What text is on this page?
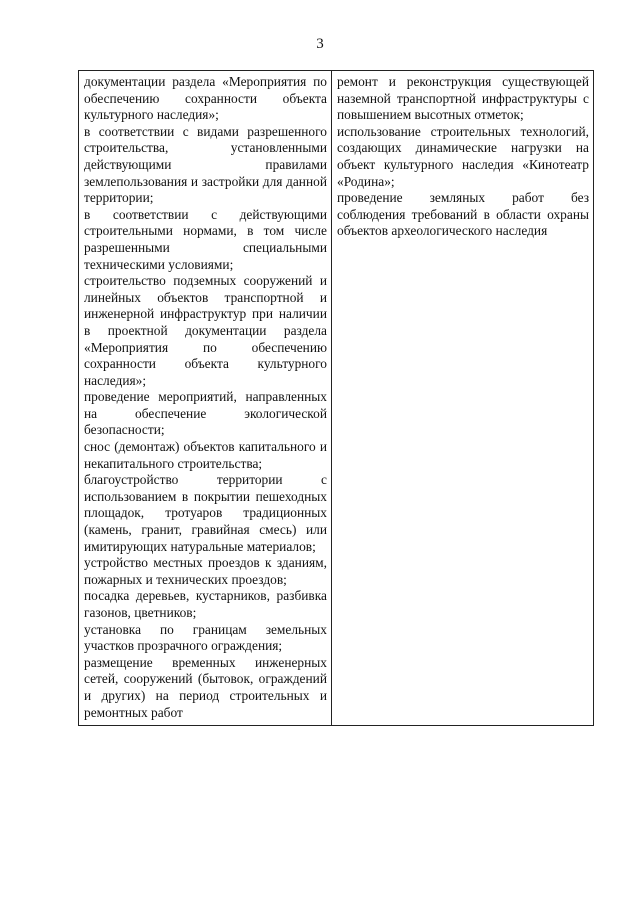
3
документации раздела «Мероприятия по обеспечению сохранности объекта культурного наследия»;
в соответствии с видами разрешенного строительства, установленными действующими правилами землепользования и застройки для данной территории;
в соответствии с действующими строительными нормами, в том числе разрешенными специальными техническими условиями;
строительство подземных сооружений и линейных объектов транспортной и инженерной инфраструктур при наличии в проектной документации раздела «Мероприятия по обеспечению сохранности объекта культурного наследия»;
проведение мероприятий, направленных на обеспечение экологической безопасности;
снос (демонтаж) объектов капитального и некапитального строительства;
благоустройство территории с использованием в покрытии пешеходных площадок, тротуаров традиционных (камень, гранит, гравийная смесь) или имитирующих натуральные материалов;
устройство местных проездов к зданиям, пожарных и технических проездов;
посадка деревьев, кустарников, разбивка газонов, цветников;
установка по границам земельных участков прозрачного ограждения;
размещение временных инженерных сетей, сооружений (бытовок, ограждений и других) на период строительных и ремонтных работ

ремонт и реконструкция существующей наземной транспортной инфраструктуры с повышением высотных отметок;
использование строительных технологий, создающих динамические нагрузки на объект культурного наследия «Кинотеатр «Родина»;
проведение земляных работ без соблюдения требований в области охраны объектов археологического наследия
